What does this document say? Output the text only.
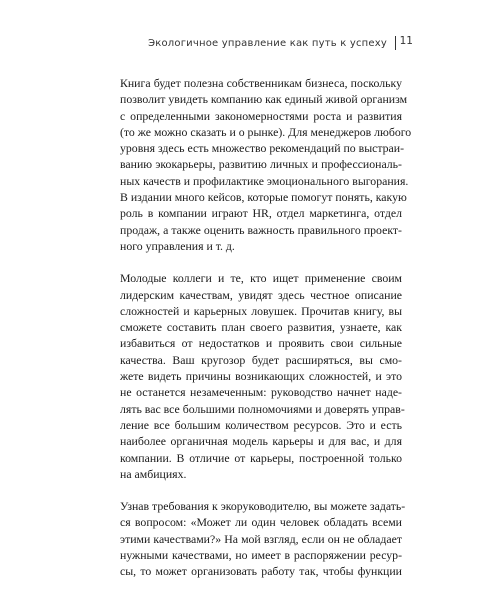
Экологичное управление как путь к успеху 11
Книга будет полезна собственникам бизнеса, поскольку
позволит увидеть компанию как единый живой организм
с определенными закономерностями роста и развития
(то же можно сказать и о рынке). Для менеджеров любого
уровня здесь есть множество рекомендаций по выстраи-
ванию экокарьеры, развитию личных и профессиональ-
ных качеств и профилактике эмоционального выгорания.
В издании много кейсов, которые помогут понять, какую
роль в компании играют HR, отдел маркетинга, отдел
продаж, а также оценить важность правильного проект-
ного управления и т. д.
Молодые коллеги и те, кто ищет применение своим
лидерским качествам, увидят здесь честное описание
сложностей и карьерных ловушек. Прочитав книгу, вы
сможете составить план своего развития, узнаете, как
избавиться от недостатков и проявить свои сильные
качества. Ваш кругозор будет расширяться, вы смо-
жете видеть причины возникающих сложностей, и это
не останется незамеченным: руководство начнет наде-
лять вас все большими полномочиями и доверять управ-
ление все большим количеством ресурсов. Это и есть
наиболее органичная модель карьеры и для вас, и для
компании. В отличие от карьеры, построенной только
на амбициях.
Узнав требования к экоруководителю, вы можете задать-
ся вопросом: «Может ли один человек обладать всеми
этими качествами?» На мой взгляд, если он не обладает
нужными качествами, но имеет в распоряжении ресур-
сы, то может организовать работу так, чтобы функции
